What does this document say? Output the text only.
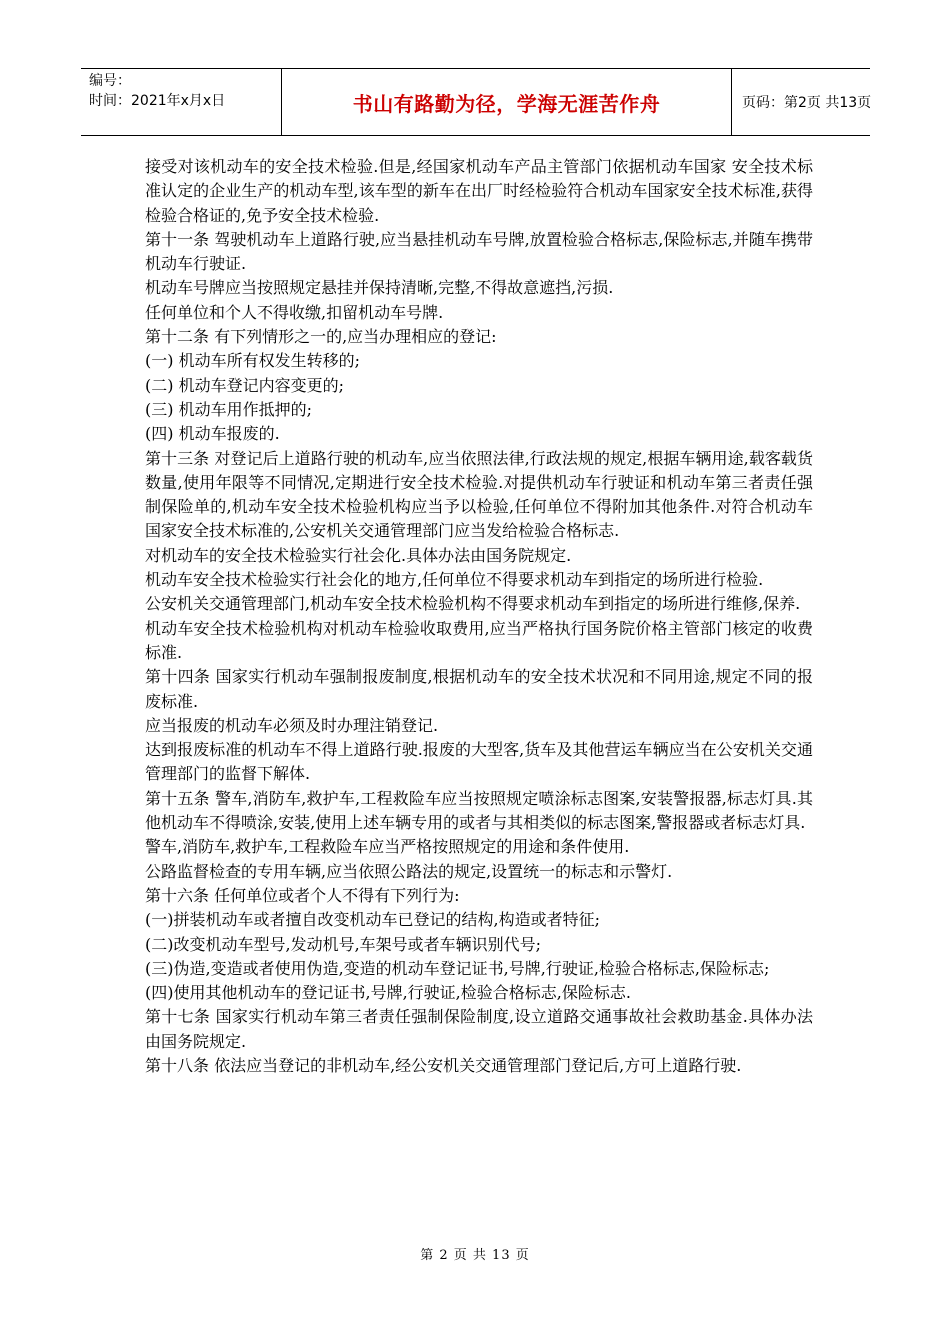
编号：
时间：2021年x月x日	书山有路勤为径，学海无涯苦作舟	页码：第2页 共13页

接受对该机动车的安全技术检验.但是,经国家机动车产品主管部门依据机动车国家 安全技术标准认定的企业生产的机动车型,该车型的新车在出厂时经检验符合机动车国家安全技术标准,获得检验合格证的,免予安全技术检验.

第十一条 驾驶机动车上道路行驶,应当悬挂机动车号牌,放置检验合格标志,保险标志,并随车携带机动车行驶证.

机动车号牌应当按照规定悬挂并保持清晰,完整,不得故意遮挡,污损.

任何单位和个人不得收缴,扣留机动车号牌.

第十二条 有下列情形之一的,应当办理相应的登记:

(一) 机动车所有权发生转移的;

(二) 机动车登记内容变更的;

(三) 机动车用作抵押的;

(四) 机动车报废的.

第十三条 对登记后上道路行驶的机动车,应当依照法律,行政法规的规定,根据车辆用途,载客载货数量,使用年限等不同情况,定期进行安全技术检验.对提供机动车行驶证和机动车第三者责任强制保险单的,机动车安全技术检验机构应当予以检验,任何单位不得附加其他条件.对符合机动车国家安全技术标准的,公安机关交通管理部门应当发给检验合格标志.

对机动车的安全技术检验实行社会化.具体办法由国务院规定.

机动车安全技术检验实行社会化的地方,任何单位不得要求机动车到指定的场所进行检验.

公安机关交通管理部门,机动车安全技术检验机构不得要求机动车到指定的场所进行维修,保养.

机动车安全技术检验机构对机动车检验收取费用,应当严格执行国务院价格主管部门核定的收费标准.

第十四条 国家实行机动车强制报废制度,根据机动车的安全技术状况和不同用途,规定不同的报废标准.

应当报废的机动车必须及时办理注销登记.

达到报废标准的机动车不得上道路行驶.报废的大型客,货车及其他营运车辆应当在公安机关交通管理部门的监督下解体.

第十五条 警车,消防车,救护车,工程救险车应当按照规定喷涂标志图案,安装警报器,标志灯具.其他机动车不得喷涂,安装,使用上述车辆专用的或者与其相类似的标志图案,警报器或者标志灯具.

警车,消防车,救护车,工程救险车应当严格按照规定的用途和条件使用.

公路监督检查的专用车辆,应当依照公路法的规定,设置统一的标志和示警灯.

第十六条 任何单位或者个人不得有下列行为:

(一)拼装机动车或者擅自改变机动车已登记的结构,构造或者特征;

(二)改变机动车型号,发动机号,车架号或者车辆识别代号;

(三)伪造,变造或者使用伪造,变造的机动车登记证书,号牌,行驶证,检验合格标志,保险标志;

(四)使用其他机动车的登记证书,号牌,行驶证,检验合格标志,保险标志.

第十七条 国家实行机动车第三者责任强制保险制度,设立道路交通事故社会救助基金.具体办法由国务院规定.

第十八条 依法应当登记的非机动车,经公安机关交通管理部门登记后,方可上道路行驶.

第 2 页 共 13 页
